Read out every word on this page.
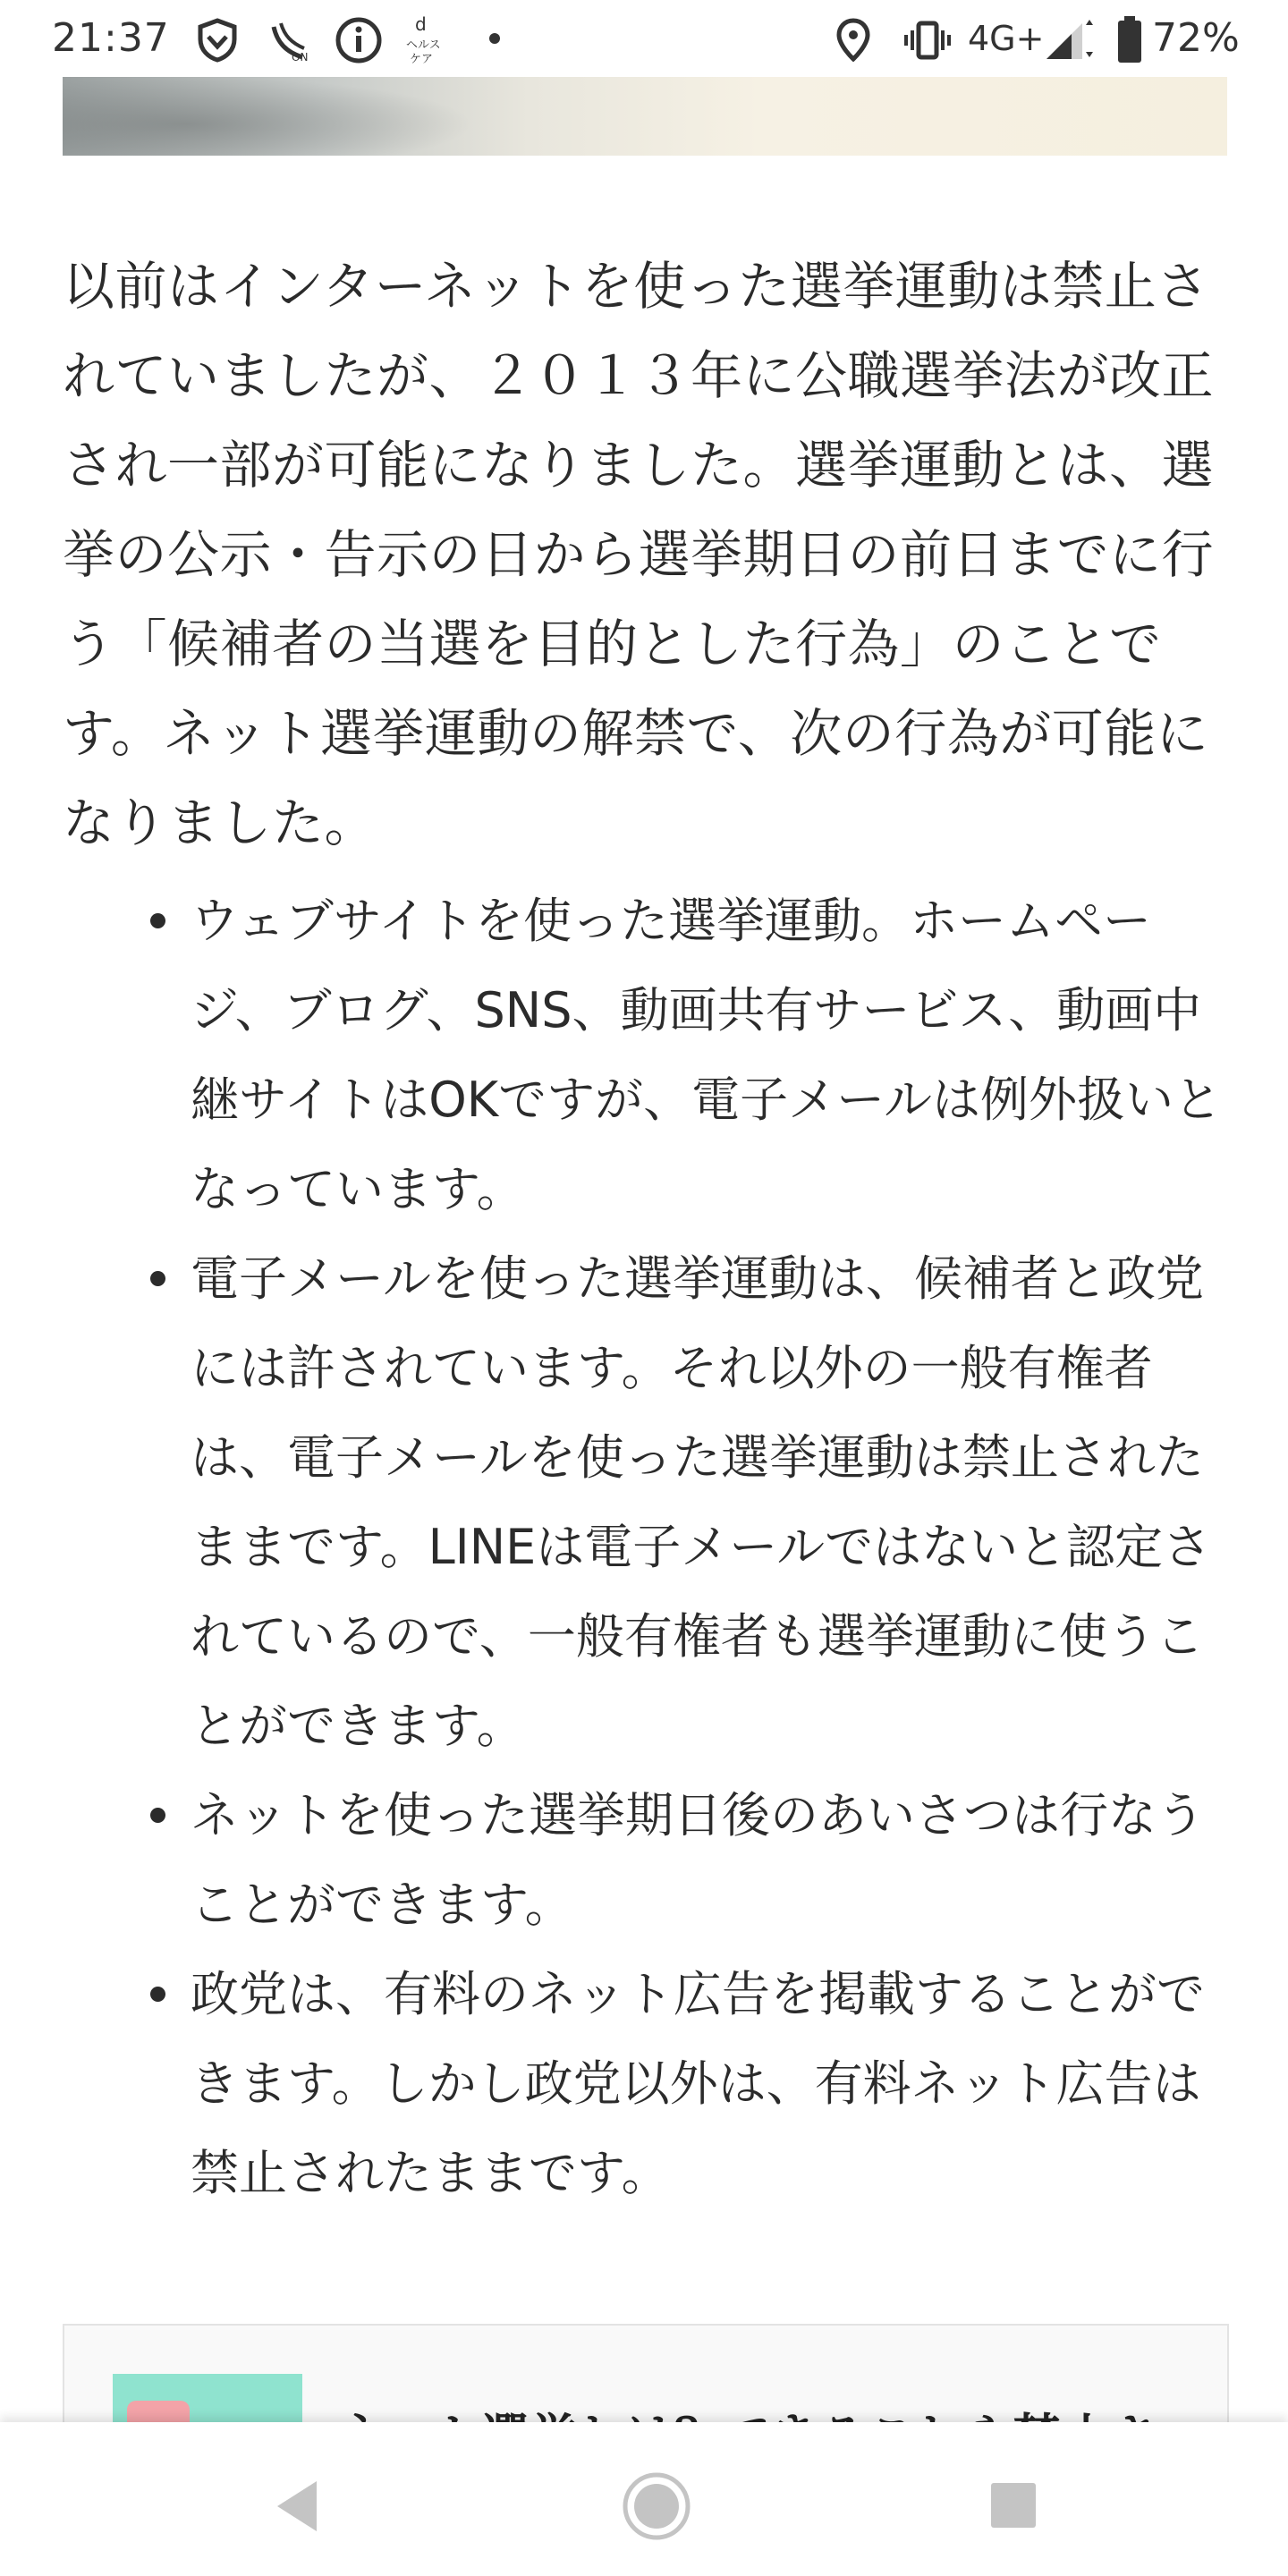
21:37	ON
d
ヘルス
ケア
4G+	72%

以前はインターネットを使った選挙運動は禁止されていましたが、２０１３年に公職選挙法が改正され一部が可能になりました。選挙運動とは、選挙の公示・告示の日から選挙期日の前日までに行う「候補者の当選を目的とした行為」のことです。ネット選挙運動の解禁で、次の行為が可能になりました。

ウェブサイトを使った選挙運動。ホームページ、ブログ、SNS、動画共有サービス、動画中継サイトはOKですが、電子メールは例外扱いとなっています。
電子メールを使った選挙運動は、候補者と政党には許されています。それ以外の一般有権者は、電子メールを使った選挙運動は禁止されたままです。LINEは電子メールではないと認定されているので、一般有権者も選挙運動に使うことができます。
ネットを使った選挙期日後のあいさつは行なうことができます。
政党は、有料のネット広告を掲載することができます。しかし政党以外は、有料ネット広告は禁止されたままです。
